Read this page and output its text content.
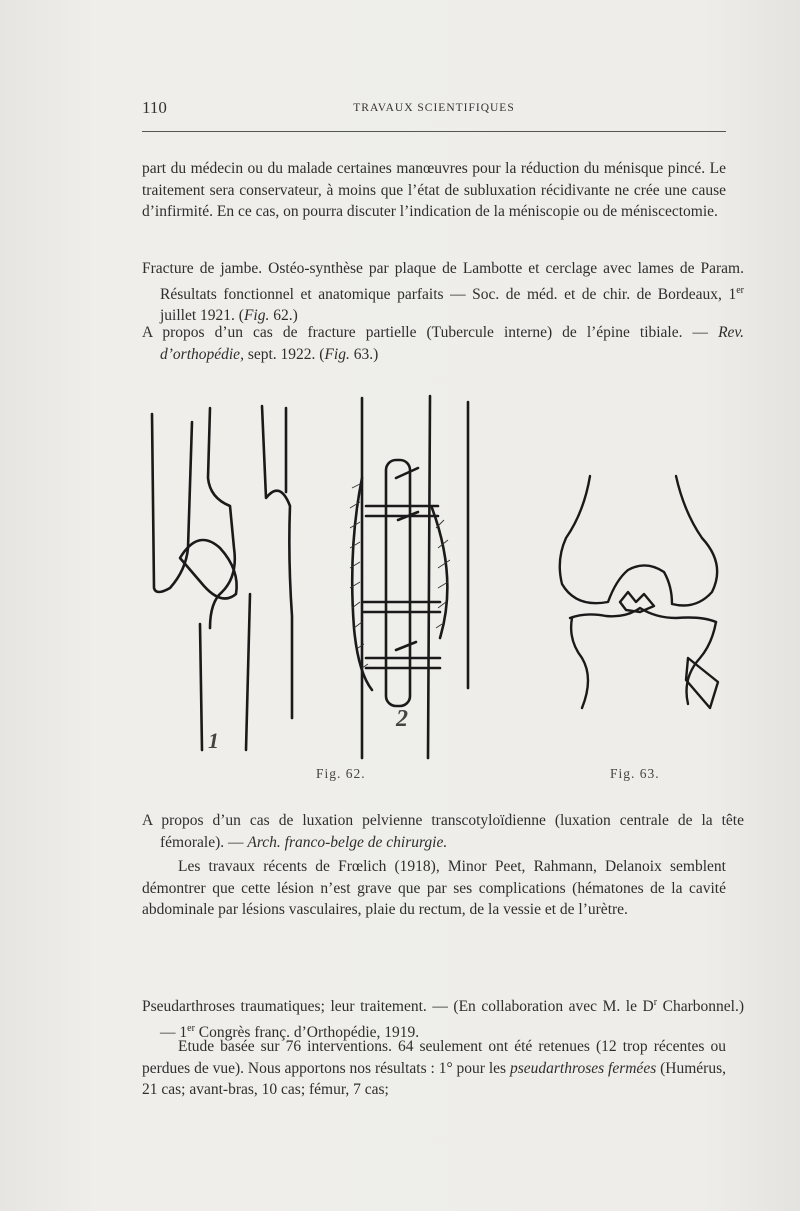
110	TRAVAUX SCIENTIFIQUES
part du médecin ou du malade certaines manœuvres pour la réduction du ménisque pincé. Le traitement sera conservateur, à moins que l’état de subluxation récidivante ne crée une cause d’infirmité. En ce cas, on pourra discuter l’indication de la méniscopie ou de méniscectomie.
Fracture de jambe. Ostéo-synthèse par plaque de Lambotte et cerclage avec lames de Param. Résultats fonctionnel et anatomique parfaits — Soc. de méd. et de chir. de Bordeaux, 1er juillet 1921. (Fig. 62.)
A propos d’un cas de fracture partielle (Tubercule interne) de l’épine tibiale. — Rev. d’orthopédie, sept. 1922. (Fig. 63.)
1
2
Fig. 62.	Fig. 63.
A propos d’un cas de luxation pelvienne transcotyloïdienne (luxation centrale de la tête fémorale). — Arch. franco-belge de chirurgie.
Les travaux récents de Frœlich (1918), Minor Peet, Rahmann, Delanoix semblent démontrer que cette lésion n’est grave que par ses complications (hématones de la cavité abdominale par lésions vasculaires, plaie du rectum, de la vessie et de l’urètre.
Pseudarthroses traumatiques; leur traitement. — (En collaboration avec M. le $D^r$ Charbonnel.) — 1er Congrès franç. d’Orthopédie, 1919.
Etude basée sur 76 interventions. 64 seulement ont été retenues (12 trop récentes ou perdues de vue). Nous apportons nos résultats : 1° pour les pseudarthroses fermées (Humérus, 21 cas; avant-bras, 10 cas; fémur, 7 cas;
